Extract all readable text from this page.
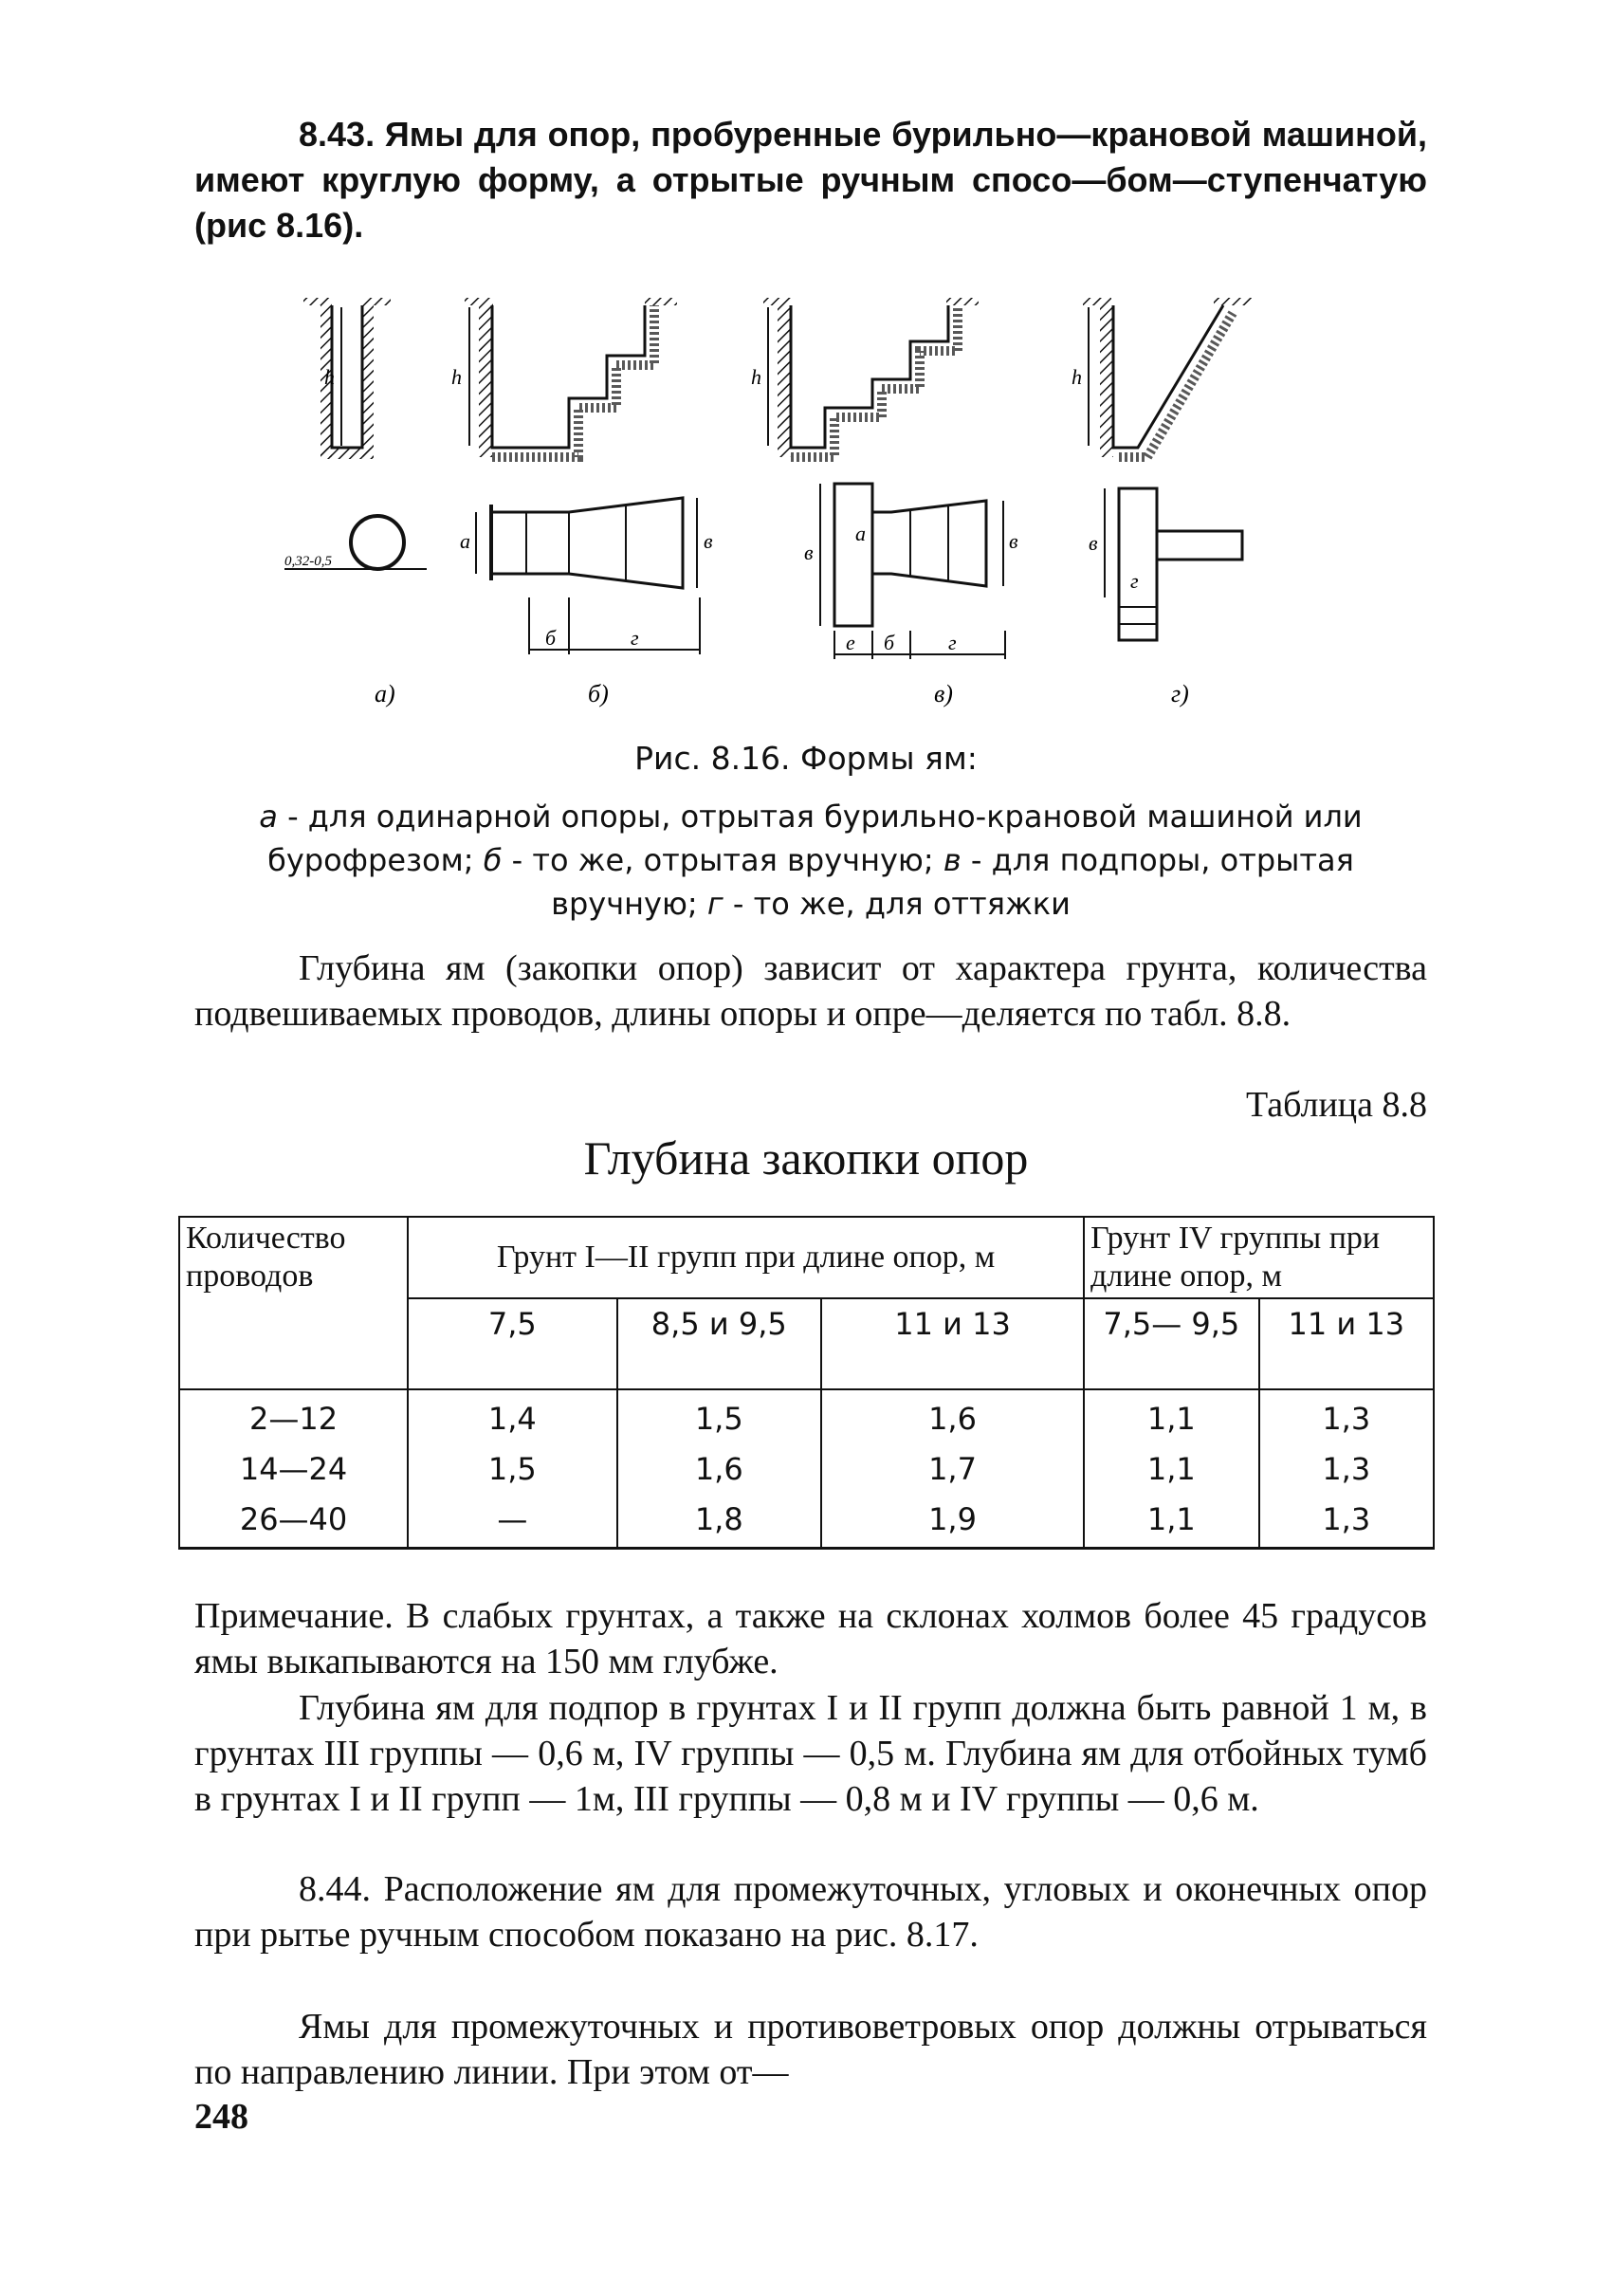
8.43. Ямы для опор, пробуренные бурильно—крановой машиной, имеют круглую форму, а отрытые ручным спосо—бом—ступенчатую (рис 8.16).
h
0,32-0,5
h
а	в
б	г
h
в
а	в
е б	г
h
в
г
а)	б)	в)	г)
Рис. 8.16. Формы ям:
а - для одинарной опоры, отрытая бурильно-крановой машиной или бурофрезом; б - то же, отрытая вручную; в - для подпоры, отрытая вручную; г - то же, для оттяжки
Глубина ям (закопки опор) зависит от характера грунта, количества подвешиваемых проводов, длины опоры и опре—деляется по табл. 8.8.
Таблица 8.8
Глубина закопки опор
Количество проводов	Грунт I—II групп при длине опор, м			Грунт IV группы при длине опор, м	
	7,5	8,5 и 9,5	11 и 13	7,5— 9,5	11 и 13
2—12	1,4	1,5	1,6	1,1	1,3
14—24	1,5	1,6	1,7	1,1	1,3
26—40	—	1,8	1,9	1,1	1,3
Примечание. В слабых грунтах, а также на склонах холмов более 45 градусов ямы выкапываются на 150 мм глубже.
Глубина ям для подпор в грунтах I и II групп должна быть равной 1 м, в грунтах III группы — 0,6 м, IV группы — 0,5 м. Глубина ям для отбойных тумб в грунтах I и II групп — 1м, III группы — 0,8 м и IV группы — 0,6 м.
8.44. Расположение ям для промежуточных, угловых и оконечных опор при рытье ручным способом показано на рис. 8.17.
Ямы для промежуточных и противоветровых опор должны отрываться по направлению линии. При этом от—
248
